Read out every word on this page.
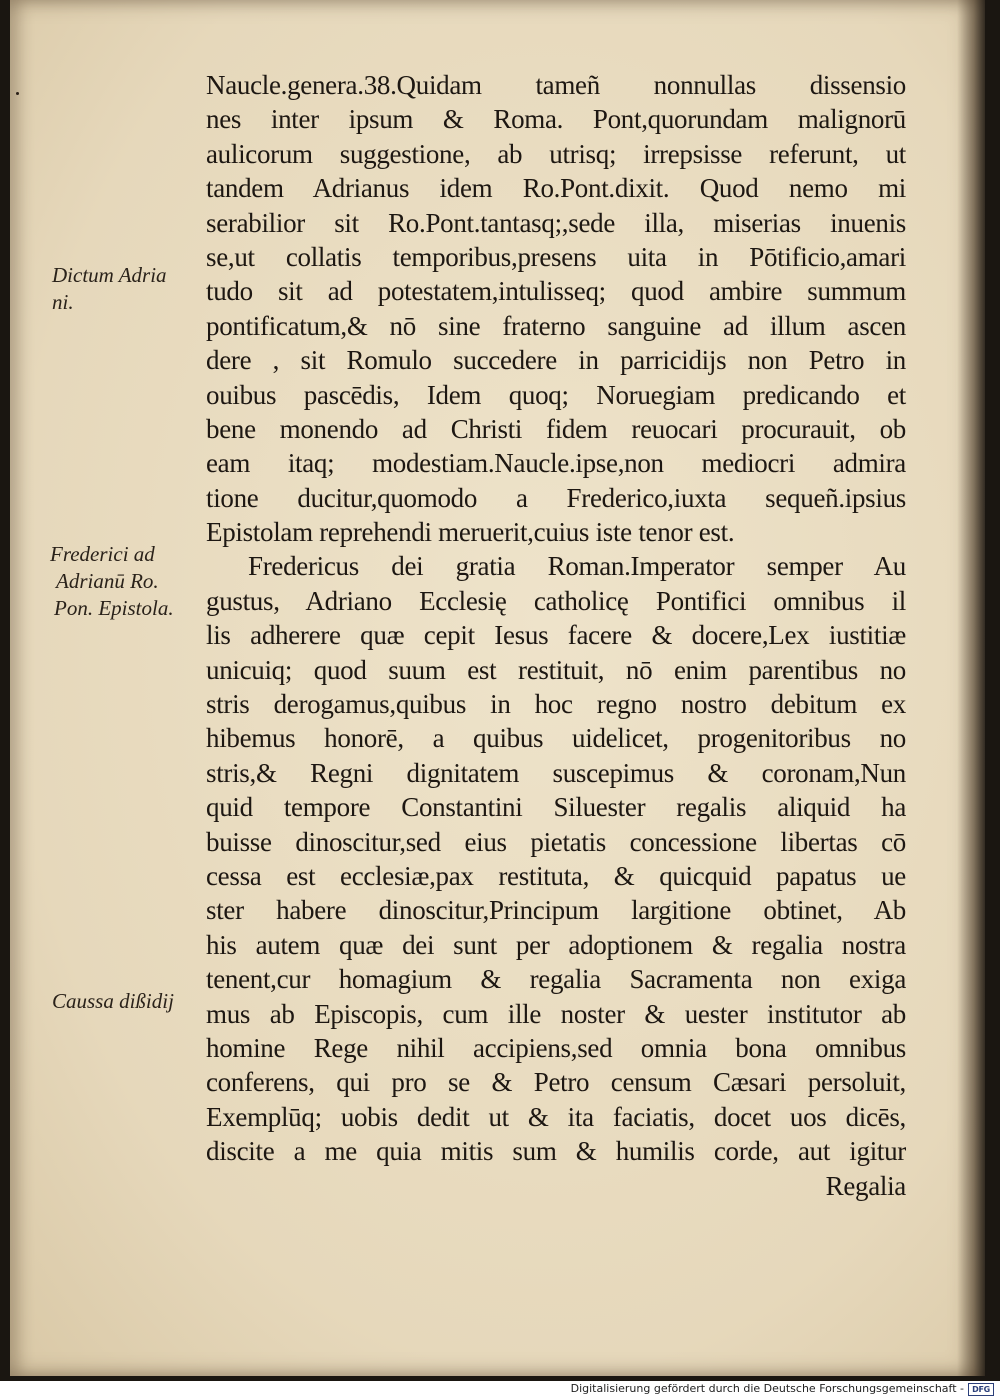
Naucle.genera.38.Quidam tameñ nonnullas dissensio
nes inter ipsum & Roma. Pont,quorundam malignorū
aulicorum suggestione, ab utrisq; irrepsisse referunt, ut
tandem Adrianus idem Ro.Pont.dixit. Quod nemo mi
serabilior sit Ro.Pont.tantasq;,sede illa, miserias inuenis
se,ut collatis temporibus,presens uita in Pōtificio,amari
tudo sit ad potestatem,intulisseq; quod ambire summum
pontificatum,& nō sine fraterno sanguine ad illum ascen
dere , sit Romulo succedere in parricidijs non Petro in
ouibus pascēdis, Idem quoq; Noruegiam predicando et
bene monendo ad Christi fidem reuocari procurauit, ob
eam itaq; modestiam.Naucle.ipse,non mediocri admira
tione ducitur,quomodo a Frederico,iuxta sequeñ.ipsius
Epistolam reprehendi meruerit,cuius iste tenor est.
Fredericus dei gratia Roman.Imperator semper Au
gustus, Adriano Ecclesię catholicę Pontifici omnibus il
lis adherere quæ cepit Iesus facere & docere,Lex iustitiæ
unicuiq; quod suum est restituit, nō enim parentibus no
stris derogamus,quibus in hoc regno nostro debitum ex
hibemus honorē, a quibus uidelicet, progenitoribus no
stris,& Regni dignitatem suscepimus & coronam,Nun
quid tempore Constantini Siluester regalis aliquid ha
buisse dinoscitur,sed eius pietatis concessione libertas cō
cessa est ecclesiæ,pax restituta, & quicquid papatus ue
ster habere dinoscitur,Principum largitione obtinet, Ab
his autem quæ dei sunt per adoptionem & regalia nostra
tenent,cur homagium & regalia Sacramenta non exiga
mus ab Episcopis, cum ille noster & uester institutor ab
homine Rege nihil accipiens,sed omnia bona omnibus
conferens, qui pro se & Petro censum Cæsari persoluit,
Exemplūq; uobis dedit ut & ita faciatis, docet uos dicēs,
discite a me quia mitis sum & humilis corde, aut igitur
Regalia
Dictum Adria
ni.
Frederici ad
Adrianū Ro.
Pon. Epistola.
Caussa dißidij
Digitalisierung gefördert durch die Deutsche Forschungsgemeinschaft -	DFG
